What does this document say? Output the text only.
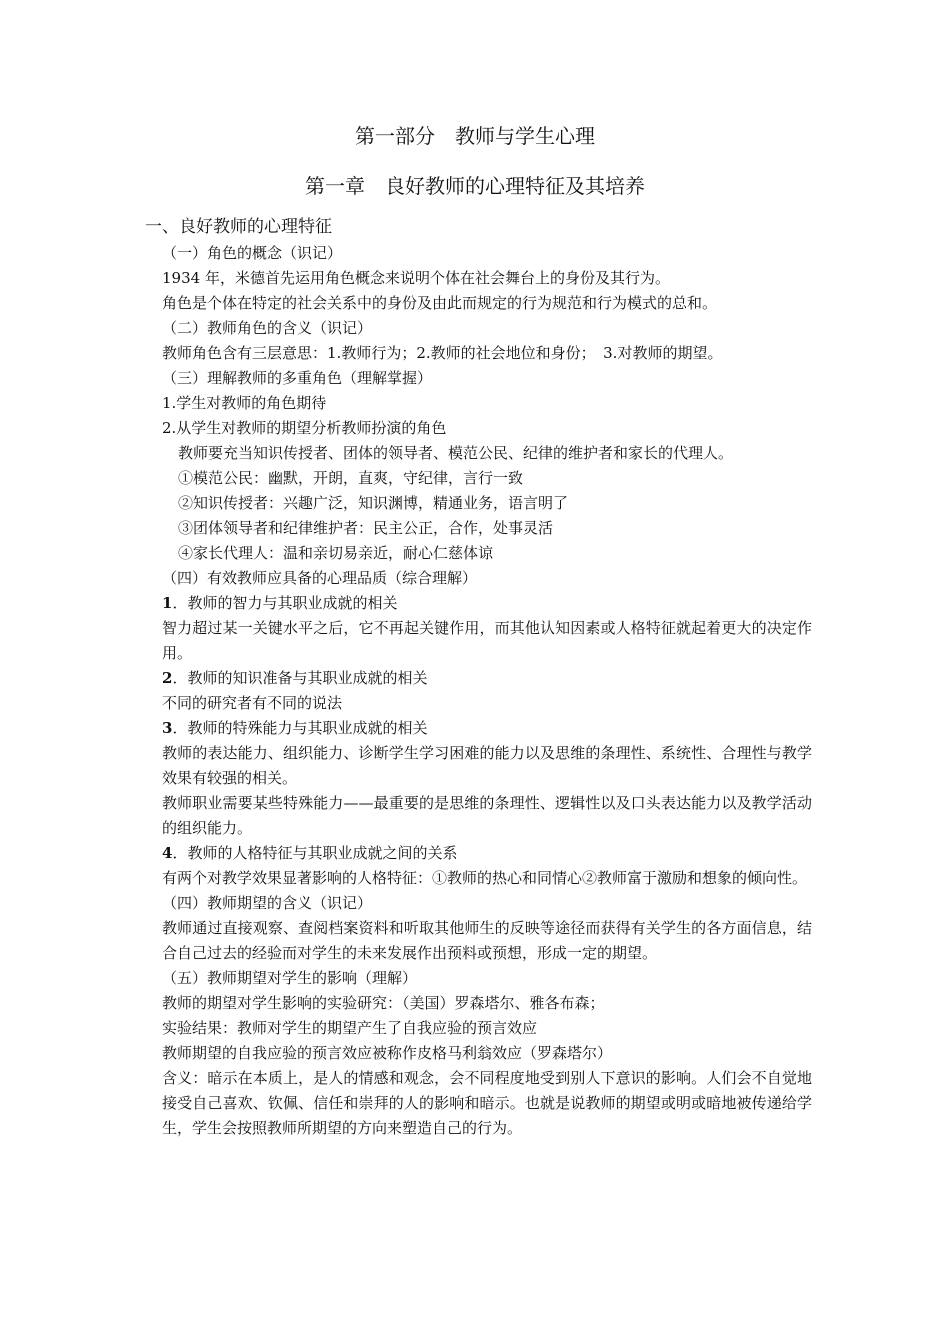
第一部分　教师与学生心理
第一章　良好教师的心理特征及其培养
一、良好教师的心理特征

（一）角色的概念（识记）

1934 年，米德首先运用角色概念来说明个体在社会舞台上的身份及其行为。

角色是个体在特定的社会关系中的身份及由此而规定的行为规范和行为模式的总和。

（二）教师角色的含义（识记）

教师角色含有三层意思：1.教师行为；2.教师的社会地位和身份；　3.对教师的期望。

（三）理解教师的多重角色（理解掌握）

1.学生对教师的角色期待

2.从学生对教师的期望分析教师扮演的角色

教师要充当知识传授者、团体的领导者、模范公民、纪律的维护者和家长的代理人。

①模范公民：幽默，开朗，直爽，守纪律，言行一致

②知识传授者：兴趣广泛，知识渊博，精通业务，语言明了

③团体领导者和纪律维护者：民主公正，合作，处事灵活

④家长代理人：温和亲切易亲近，耐心仁慈体谅

（四）有效教师应具备的心理品质（综合理解）

1．教师的智力与其职业成就的相关

智力超过某一关键水平之后，它不再起关键作用，而其他认知因素或人格特征就起着更大的决定作用。

2．教师的知识准备与其职业成就的相关

不同的研究者有不同的说法

3．教师的特殊能力与其职业成就的相关

教师的表达能力、组织能力、诊断学生学习困难的能力以及思维的条理性、系统性、合理性与教学效果有较强的相关。

教师职业需要某些特殊能力——最重要的是思维的条理性、逻辑性以及口头表达能力以及教学活动的组织能力。

4．教师的人格特征与其职业成就之间的关系

有两个对教学效果显著影响的人格特征：①教师的热心和同情心②教师富于激励和想象的倾向性。

（四）教师期望的含义（识记）

教师通过直接观察、查阅档案资料和听取其他师生的反映等途径而获得有关学生的各方面信息，结合自己过去的经验而对学生的未来发展作出预料或预想，形成一定的期望。

（五）教师期望对学生的影响（理解）

教师的期望对学生影响的实验研究：（美国）罗森塔尔、雅各布森；

实验结果：教师对学生的期望产生了自我应验的预言效应

教师期望的自我应验的预言效应被称作皮格马利翁效应（罗森塔尔）

含义：暗示在本质上，是人的情感和观念，会不同程度地受到别人下意识的影响。人们会不自觉地接受自己喜欢、钦佩、信任和崇拜的人的影响和暗示。也就是说教师的期望或明或暗地被传递给学生，学生会按照教师所期望的方向来塑造自己的行为。
